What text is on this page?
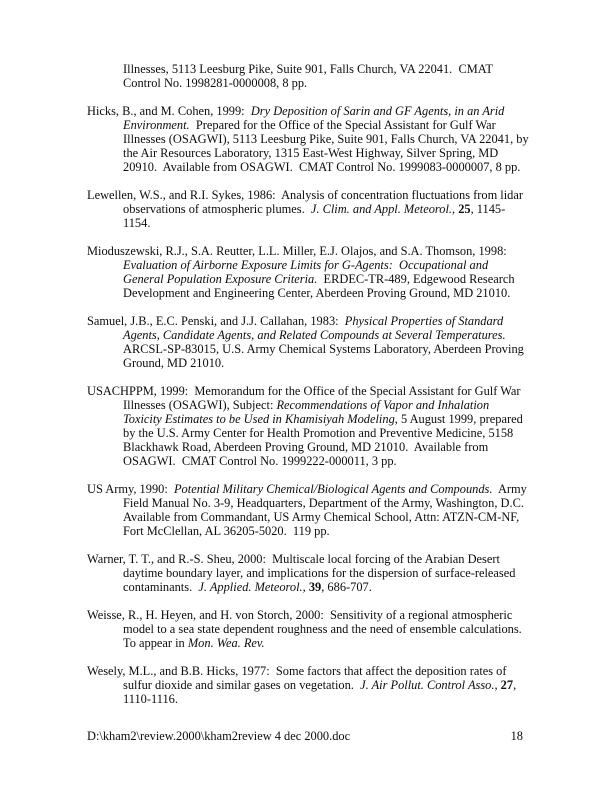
Illnesses, 5113 Leesburg Pike, Suite 901, Falls Church, VA 22041.  CMAT
Control No. 1998281-0000008, 8 pp.
Hicks, B., and M. Cohen, 1999:  Dry Deposition of Sarin and GF Agents, in an Arid
Environment.  Prepared for the Office of the Special Assistant for Gulf War
Illnesses (OSAGWI), 5113 Leesburg Pike, Suite 901, Falls Church, VA 22041, by
the Air Resources Laboratory, 1315 East-West Highway, Silver Spring, MD
20910.  Available from OSAGWI.  CMAT Control No. 1999083-0000007, 8 pp.
Lewellen, W.S., and R.I. Sykes, 1986:  Analysis of concentration fluctuations from lidar
observations of atmospheric plumes.  J. Clim. and Appl. Meteorol., 25, 1145-
1154.
Mioduszewski, R.J., S.A. Reutter, L.L. Miller, E.J. Olajos, and S.A. Thomson, 1998:
Evaluation of Airborne Exposure Limits for G-Agents:  Occupational and
General Population Exposure Criteria.  ERDEC-TR-489, Edgewood Research
Development and Engineering Center, Aberdeen Proving Ground, MD 21010.
Samuel, J.B., E.C. Penski, and J.J. Callahan, 1983:  Physical Properties of Standard
Agents, Candidate Agents, and Related Compounds at Several Temperatures.
ARCSL-SP-83015, U.S. Army Chemical Systems Laboratory, Aberdeen Proving
Ground, MD 21010.
USACHPPM, 1999:  Memorandum for the Office of the Special Assistant for Gulf War
Illnesses (OSAGWI), Subject: Recommendations of Vapor and Inhalation
Toxicity Estimates to be Used in Khamisiyah Modeling, 5 August 1999, prepared
by the U.S. Army Center for Health Promotion and Preventive Medicine, 5158
Blackhawk Road, Aberdeen Proving Ground, MD 21010.  Available from
OSAGWI.  CMAT Control No. 1999222-000011, 3 pp.
US Army, 1990:  Potential Military Chemical/Biological Agents and Compounds.  Army
Field Manual No. 3-9, Headquarters, Department of the Army, Washington, D.C.
Available from Commandant, US Army Chemical School, Attn: ATZN-CM-NF,
Fort McClellan, AL 36205-5020.  119 pp.
Warner, T. T., and R.-S. Sheu, 2000:  Multiscale local forcing of the Arabian Desert
daytime boundary layer, and implications for the dispersion of surface-released
contaminants.  J. Applied. Meteorol., 39, 686-707.
Weisse, R., H. Heyen, and H. von Storch, 2000:  Sensitivity of a regional atmospheric
model to a sea state dependent roughness and the need of ensemble calculations.
To appear in Mon. Wea. Rev.
Wesely, M.L., and B.B. Hicks, 1977:  Some factors that affect the deposition rates of
sulfur dioxide and similar gases on vegetation.  J. Air Pollut. Control Asso., 27,
1110-1116.
D:\kham2\review.2000\kham2review 4 dec 2000.doc	18
